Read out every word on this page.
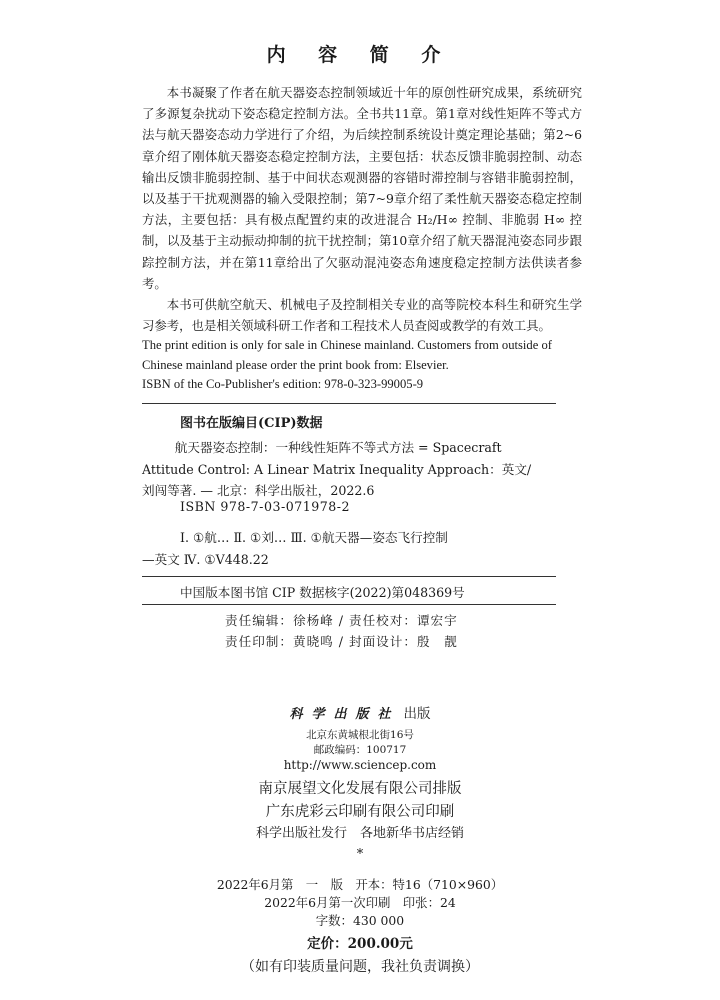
内 容 简 介

本书凝聚了作者在航天器姿态控制领域近十年的原创性研究成果，系统研究了多源复杂扰动下姿态稳定控制方法。全书共11章。第1章对线性矩阵不等式方法与航天器姿态动力学进行了介绍，为后续控制系统设计奠定理论基础；第2~6章介绍了刚体航天器姿态稳定控制方法，主要包括：状态反馈非脆弱控制、动态输出反馈非脆弱控制、基于中间状态观测器的容错时滞控制与容错非脆弱控制，以及基于干扰观测器的输入受限控制；第7~9章介绍了柔性航天器姿态稳定控制方法，主要包括：具有极点配置约束的改进混合 H₂/H∞ 控制、非脆弱 H∞ 控制，以及基于主动振动抑制的抗干扰控制；第10章介绍了航天器混沌姿态同步跟踪控制方法，并在第11章给出了欠驱动混沌姿态角速度稳定控制方法供读者参考。

本书可供航空航天、机械电子及控制相关专业的高等院校本科生和研究生学习参考，也是相关领域科研工作者和工程技术人员查阅或教学的有效工具。

The print edition is only for sale in Chinese mainland. Customers from outside of
Chinese mainland please order the print book from: Elsevier.
ISBN of the Co-Publisher's edition: 978-0-323-99005-9
图书在版编目(CIP)数据
航天器姿态控制：一种线性矩阵不等式方法 = Spacecraft
Attitude Control: A Linear Matrix Inequality Approach：英文/
刘闯等著. — 北京：科学出版社，2022.6
ISBN 978-7-03-071978-2
Ⅰ. ①航… Ⅱ. ①刘… Ⅲ. ①航天器—姿态飞行控制
—英文 Ⅳ. ①V448.22
中国版本图书馆 CIP 数据核字(2022)第048369号
责任编辑：徐杨峰 / 责任校对：谭宏宇
责任印制：黄晓鸣 / 封面设计：殷　靓
科学出版社 出版
北京东黄城根北街16号
邮政编码：100717
http://www.sciencep.com
南京展望文化发展有限公司排版
广东虎彩云印刷有限公司印刷
科学出版社发行　各地新华书店经销
*
2022年6月第　一　版　开本：特16（710×960）
2022年6月第一次印刷　印张：24
字数：430 000
定价：200.00元
（如有印装质量问题，我社负责调换）
